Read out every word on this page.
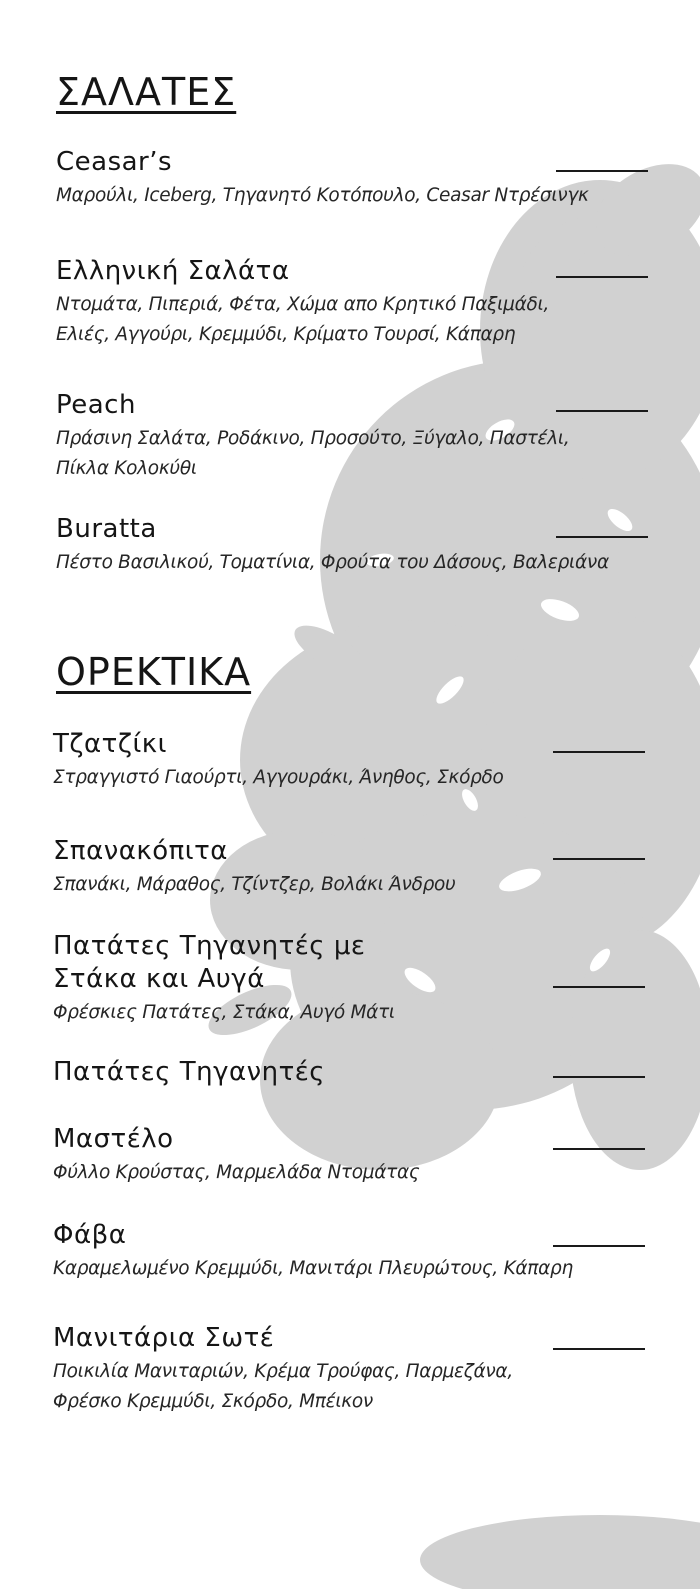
ΣΑΛΑΤΕΣ
Ceasar’s
Μαρούλι, Iceberg, Τηγανητό Κοτόπουλο, Ceasar Ντρέσινγκ
Ελληνική Σαλάτα
Ντομάτα, Πιπεριά, Φέτα, Χώμα απο Κρητικό Παξιμάδι,
Ελιές, Αγγούρι, Κρεμμύδι, Κρίματο Τουρσί, Κάπαρη
Peach
Πράσινη Σαλάτα, Ροδάκινο, Προσούτο, Ξύγαλο, Παστέλι,
Πίκλα Κολοκύθι
Buratta
Πέστο Βασιλικού, Τοματίνια, Φρούτα του Δάσους, Βαλεριάνα
ΟΡΕΚΤΙΚΑ
Τζατζίκι
Στραγγιστό Γιαούρτι, Αγγουράκι, Άνηθος, Σκόρδο
Σπανακόπιτα
Σπανάκι, Μάραθος, Τζίντζερ, Βολάκι Άνδρου
Πατάτες Τηγανητές με
Στάκα και Αυγά
Φρέσκιες Πατάτες, Στάκα, Αυγό Μάτι
Πατάτες Τηγανητές
Μαστέλο
Φύλλο Κρούστας, Μαρμελάδα Ντομάτας
Φάβα
Καραμελωμένο Κρεμμύδι, Μανιτάρι Πλευρώτους, Κάπαρη
Μανιτάρια Σωτέ
Ποικιλία Μανιταριών, Κρέμα Τρούφας, Παρμεζάνα,
Φρέσκο Κρεμμύδι, Σκόρδο, Μπέικον
